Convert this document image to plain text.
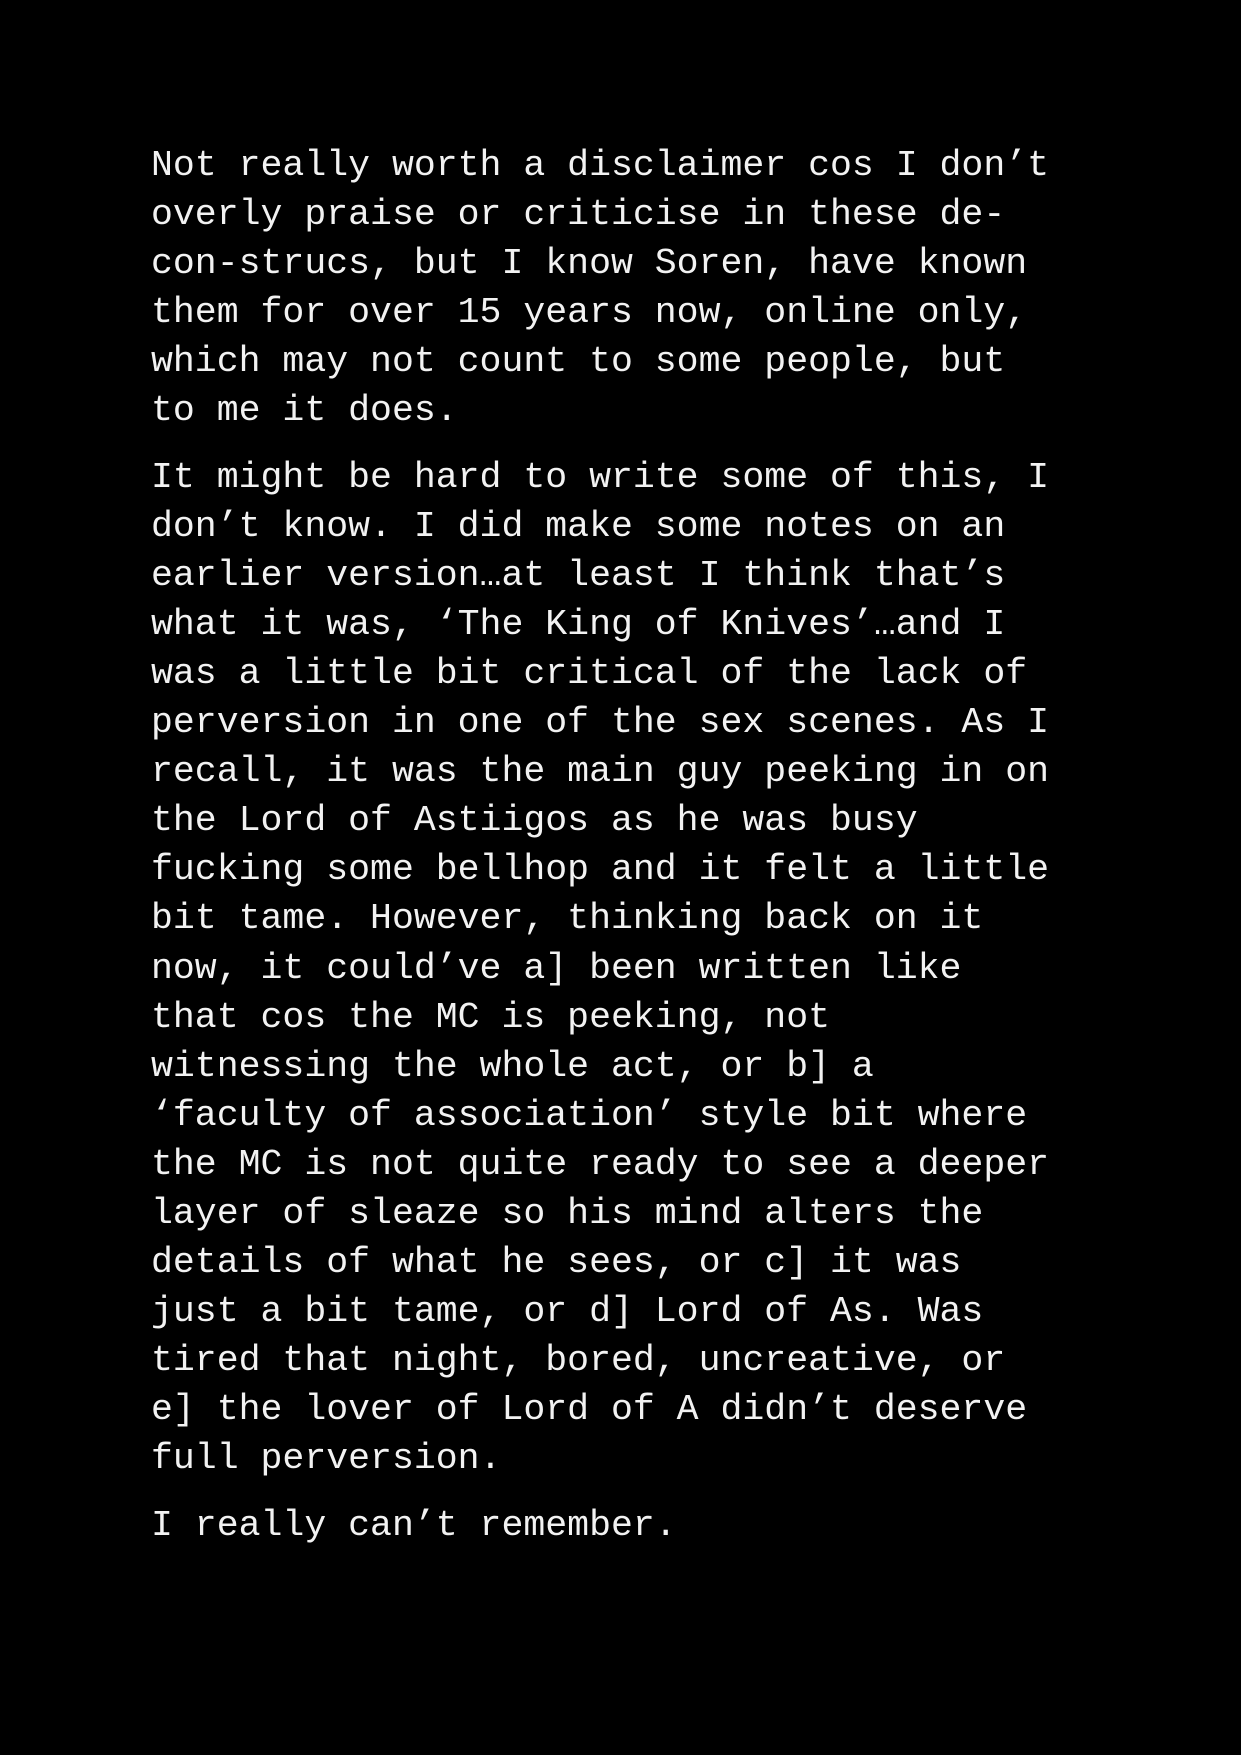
Not really worth a disclaimer cos I don’t
overly praise or criticise in these de-
con-strucs, but I know Soren, have known
them for over 15 years now, online only,
which may not count to some people, but
to me it does.

It might be hard to write some of this, I
don’t know. I did make some notes on an
earlier version…at least I think that’s
what it was, ‘The King of Knives’…and I
was a little bit critical of the lack of
perversion in one of the sex scenes. As I
recall, it was the main guy peeking in on
the Lord of Astiigos as he was busy
fucking some bellhop and it felt a little
bit tame. However, thinking back on it
now, it could’ve a] been written like
that cos the MC is peeking, not
witnessing the whole act, or b] a
‘faculty of association’ style bit where
the MC is not quite ready to see a deeper
layer of sleaze so his mind alters the
details of what he sees, or c] it was
just a bit tame, or d] Lord of As. Was
tired that night, bored, uncreative, or
e] the lover of Lord of A didn’t deserve
full perversion.

I really can’t remember.
